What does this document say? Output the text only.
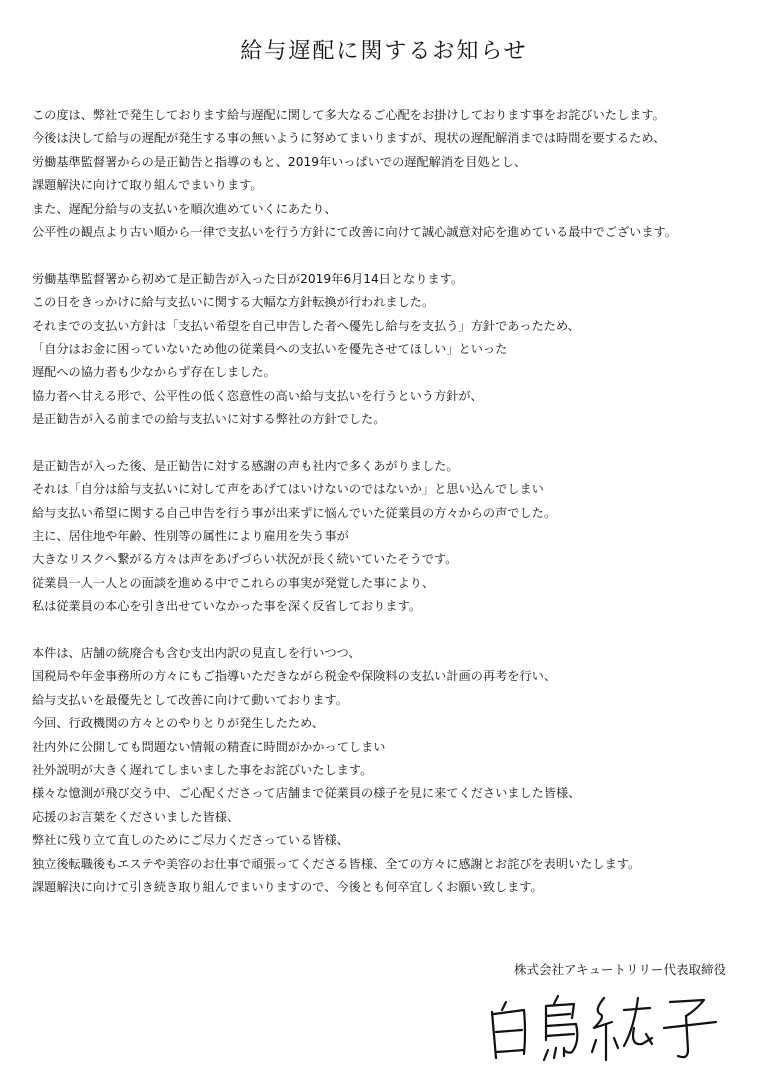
給与遅配に関するお知らせ
この度は、弊社で発生しております給与遅配に関して多大なるご心配をお掛けしております事をお詫びいたします。
今後は決して給与の遅配が発生する事の無いように努めてまいりますが、現状の遅配解消までは時間を要するため、
労働基準監督署からの是正勧告と指導のもと、2019年いっぱいでの遅配解消を目処とし、
課題解決に向けて取り組んでまいります。
また、遅配分給与の支払いを順次進めていくにあたり、
公平性の観点より古い順から一律で支払いを行う方針にて改善に向けて誠心誠意対応を進めている最中でございます。
労働基準監督署から初めて是正勧告が入った日が2019年6月14日となります。
この日をきっかけに給与支払いに関する大幅な方針転換が行われました。
それまでの支払い方針は「支払い希望を自己申告した者へ優先し給与を支払う」方針であったため、
「自分はお金に困っていないため他の従業員への支払いを優先させてほしい」といった
遅配への協力者も少なからず存在しました。
協力者へ甘える形で、公平性の低く恣意性の高い給与支払いを行うという方針が、
是正勧告が入る前までの給与支払いに対する弊社の方針でした。
是正勧告が入った後、是正勧告に対する感謝の声も社内で多くあがりました。
それは「自分は給与支払いに対して声をあげてはいけないのではないか」と思い込んでしまい
給与支払い希望に関する自己申告を行う事が出来ずに悩んでいた従業員の方々からの声でした。
主に、居住地や年齢、性別等の属性により雇用を失う事が
大きなリスクへ繋がる方々は声をあげづらい状況が長く続いていたそうです。
従業員一人一人との面談を進める中でこれらの事実が発覚した事により、
私は従業員の本心を引き出せていなかった事を深く反省しております。
本件は、店舗の統廃合も含む支出内訳の見直しを行いつつ、
国税局や年金事務所の方々にもご指導いただきながら税金や保険料の支払い計画の再考を行い、
給与支払いを最優先として改善に向けて動いております。
今回、行政機関の方々とのやりとりが発生したため、
社内外に公開しても問題ない情報の精査に時間がかかってしまい
社外説明が大きく遅れてしまいました事をお詫びいたします。
様々な憶測が飛び交う中、ご心配くださって店舗まで従業員の様子を見に来てくださいました皆様、
応援のお言葉をくださいました皆様、
弊社に残り立て直しのためにご尽力くださっている皆様、
独立後転職後もエステや美容のお仕事で頑張ってくださる皆様、全ての方々に感謝とお詫びを表明いたします。
課題解決に向けて引き続き取り組んでまいりますので、今後とも何卒宜しくお願い致します。
株式会社アキュートリリー代表取締役
